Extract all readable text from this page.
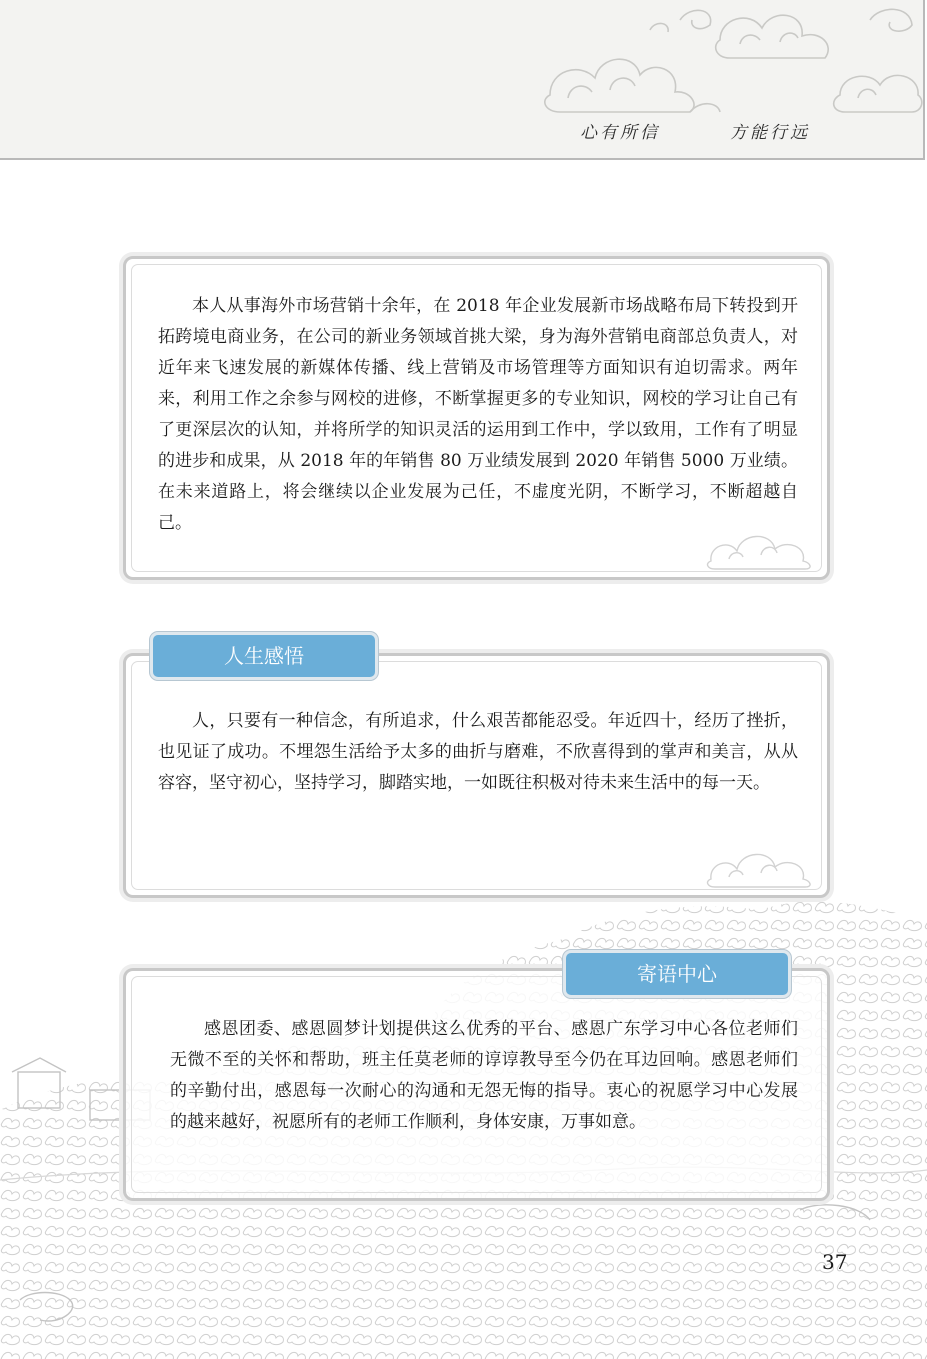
心有所信	方能行远

本人从事海外市场营销十余年，在 2018 年企业发展新市场战略布局下转投到开拓跨境电商业务，在公司的新业务领域首挑大梁，身为海外营销电商部总负责人，对近年来飞速发展的新媒体传播、线上营销及市场管理等方面知识有迫切需求。两年来，利用工作之余参与网校的进修，不断掌握更多的专业知识，网校的学习让自己有了更深层次的认知，并将所学的知识灵活的运用到工作中，学以致用，工作有了明显的进步和成果，从 2018 年的年销售 80 万业绩发展到 2020 年销售 5000 万业绩。在未来道路上，将会继续以企业发展为己任，不虚度光阴，不断学习，不断超越自己。

人生感悟

人，只要有一种信念，有所追求，什么艰苦都能忍受。年近四十，经历了挫折，也见证了成功。不埋怨生活给予太多的曲折与磨难，不欣喜得到的掌声和美言，从从容容，坚守初心，坚持学习，脚踏实地，一如既往积极对待未来生活中的每一天。

寄语中心

感恩团委、感恩圆梦计划提供这么优秀的平台、感恩广东学习中心各位老师们无微不至的关怀和帮助，班主任莫老师的谆谆教导至今仍在耳边回响。感恩老师们的辛勤付出，感恩每一次耐心的沟通和无怨无悔的指导。衷心的祝愿学习中心发展的越来越好，祝愿所有的老师工作顺利，身体安康，万事如意。

37
